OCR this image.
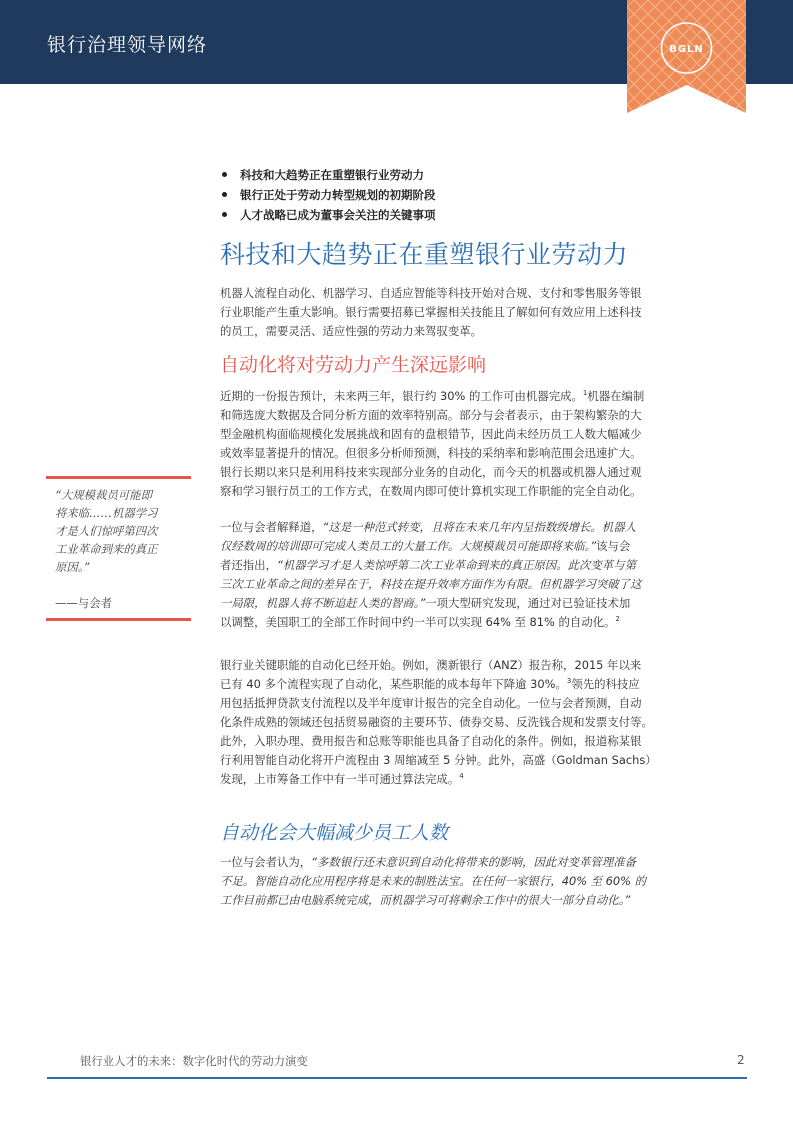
银行治理领导网络	BGLN
科技和大趋势正在重塑银行业劳动力
银行正处于劳动力转型规划的初期阶段
人才战略已成为董事会关注的关键事项
科技和大趋势正在重塑银行业劳动力

机器人流程自动化、机器学习、自适应智能等科技开始对合规、支付和零售服务等银
行业职能产生重大影响。银行需要招募已掌握相关技能且了解如何有效应用上述科技
的员工，需要灵活、适应性强的劳动力来驾驭变革。

自动化将对劳动力产生深远影响

近期的一份报告预计，未来两三年，银行约 30% 的工作可由机器完成。$^1$机器在编制
和筛选庞大数据及合同分析方面的效率特别高。部分与会者表示，由于架构繁杂的大
型金融机构面临规模化发展挑战和固有的盘根错节，因此尚未经历员工人数大幅减少
或效率显著提升的情况。但很多分析师预测，科技的采纳率和影响范围会迅速扩大。
银行长期以来只是利用科技来实现部分业务的自动化，而今天的机器或机器人通过观
察和学习银行员工的工作方式，在数周内即可使计算机实现工作职能的完全自动化。

“大规模裁员可能即
将来临……机器学习
才是人们惊呼第四次
工业革命到来的真正
原因。”
——与会者

一位与会者解释道，“这是一种范式转变，且将在未来几年内呈指数级增长。机器人
仅经数周的培训即可完成人类员工的大量工作。大规模裁员可能即将来临。”该与会
者还指出，“机器学习才是人类惊呼第二次工业革命到来的真正原因。此次变革与第
三次工业革命之间的差异在于，科技在提升效率方面作为有限。但机器学习突破了这
一局限，机器人将不断追赶人类的智商。”一项大型研究发现，通过对已验证技术加
以调整，美国职工的全部工作时间中约一半可以实现 64% 至 81% 的自动化。$^2$

银行业关键职能的自动化已经开始。例如，澳新银行（ANZ）报告称，2015 年以来
已有 40 多个流程实现了自动化，某些职能的成本每年下降逾 30%。$^3$领先的科技应
用包括抵押贷款支付流程以及半年度审计报告的完全自动化。一位与会者预测，自动
化条件成熟的领域还包括贸易融资的主要环节、债券交易、反洗钱合规和发票支付等。
此外，入职办理、费用报告和总账等职能也具备了自动化的条件。例如，报道称某银
行利用智能自动化将开户流程由 3 周缩减至 5 分钟。此外，高盛（Goldman Sachs）
发现，上市筹备工作中有一半可通过算法完成。$^4$

自动化会大幅减少员工人数

一位与会者认为，“多数银行还未意识到自动化将带来的影响，因此对变革管理准备
不足。智能自动化应用程序将是未来的制胜法宝。在任何一家银行，40% 至 60% 的
工作目前都已由电脑系统完成，而机器学习可将剩余工作中的很大一部分自动化。”

银行业人才的未来：数字化时代的劳动力演变	2
